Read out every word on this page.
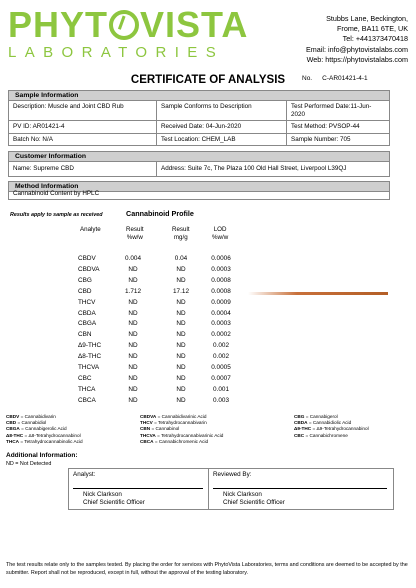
PHYT VISTA
LABORATORIES
Stubbs Lane, Beckington,
Frome, BA11 6TE, UK
Tel: +441373470418
Email: info@phytovistalabs.com
Web: https://phytovistalabs.com
CERTIFICATE OF ANALYSIS	No. C-AR01421-4-1
Sample Information
Description: Muscle and Joint CBD Rub	Sample Conforms to Description	Test Performed Date:11-Jun-2020
PV ID: AR01421-4	Received Date: 04-Jun-2020	Test Method: PVSOP-44
Batch No: N/A	Test Location: CHEM_LAB	Sample Number: 705
Customer Information
Name: Supreme CBD	Address: Suite 7c, The Plaza 100 Old Hall Street, Liverpool L39QJ
Method Information
Cannabinoid Content by HPLC
Results apply to sample as received	Cannabinoid Profile
Analyte	Result
%w/w
Result
mg/g
LOD
%w/w
CBDV	0.004	0.04	0.0006
CBDVA	ND	ND	0.0003
CBG	ND	ND	0.0008
CBD	1.712	17.12	0.0008
THCV	ND	ND	0.0009
CBDA	ND	ND	0.0004
CBGA	ND	ND	0.0003
CBN	ND	ND	0.0002
Δ9-THC	ND	ND	0.002
Δ8-THC	ND	ND	0.002
THCVA	ND	ND	0.0005
CBC	ND	ND	0.0007
THCA	ND	ND	0.001
CBCA	ND	ND	0.003
CBDV = Cannabidivarin
CBD = Cannabidiol
CBGA = Cannabigerolic Acid
Δ8-THC = Δ8-Tetrahydrocannabinol
THCA = Tetrahydrocannabinolic Acid
CBDVA = Cannabidivarinic Acid
THCV = Tetrahydrocannabivarin
CBN = Cannabinol
THCVA = Tetrahydrocannabivarinic Acid
CBCA = Cannabichromenic Acid
CBG = Cannabigerol
CBDA = Cannabidiolic Acid
Δ9-THC = Δ9-Tetrahydrocannabinol
CBC = Cannabichromene
Additional Information:
ND = Not Detected
Analyst:
Nick Clarkson
Chief Scientific Officer
Reviewed By:
Nick Clarkson
Chief Scientific Officer
The test results relate only to the samples tested. By placing the order for services with PhytoVista Laboratories, terms and conditions are deemed to be accepted by the submitter. Report shall not be reproduced, except in full, without the approval of the testing laboratory.
